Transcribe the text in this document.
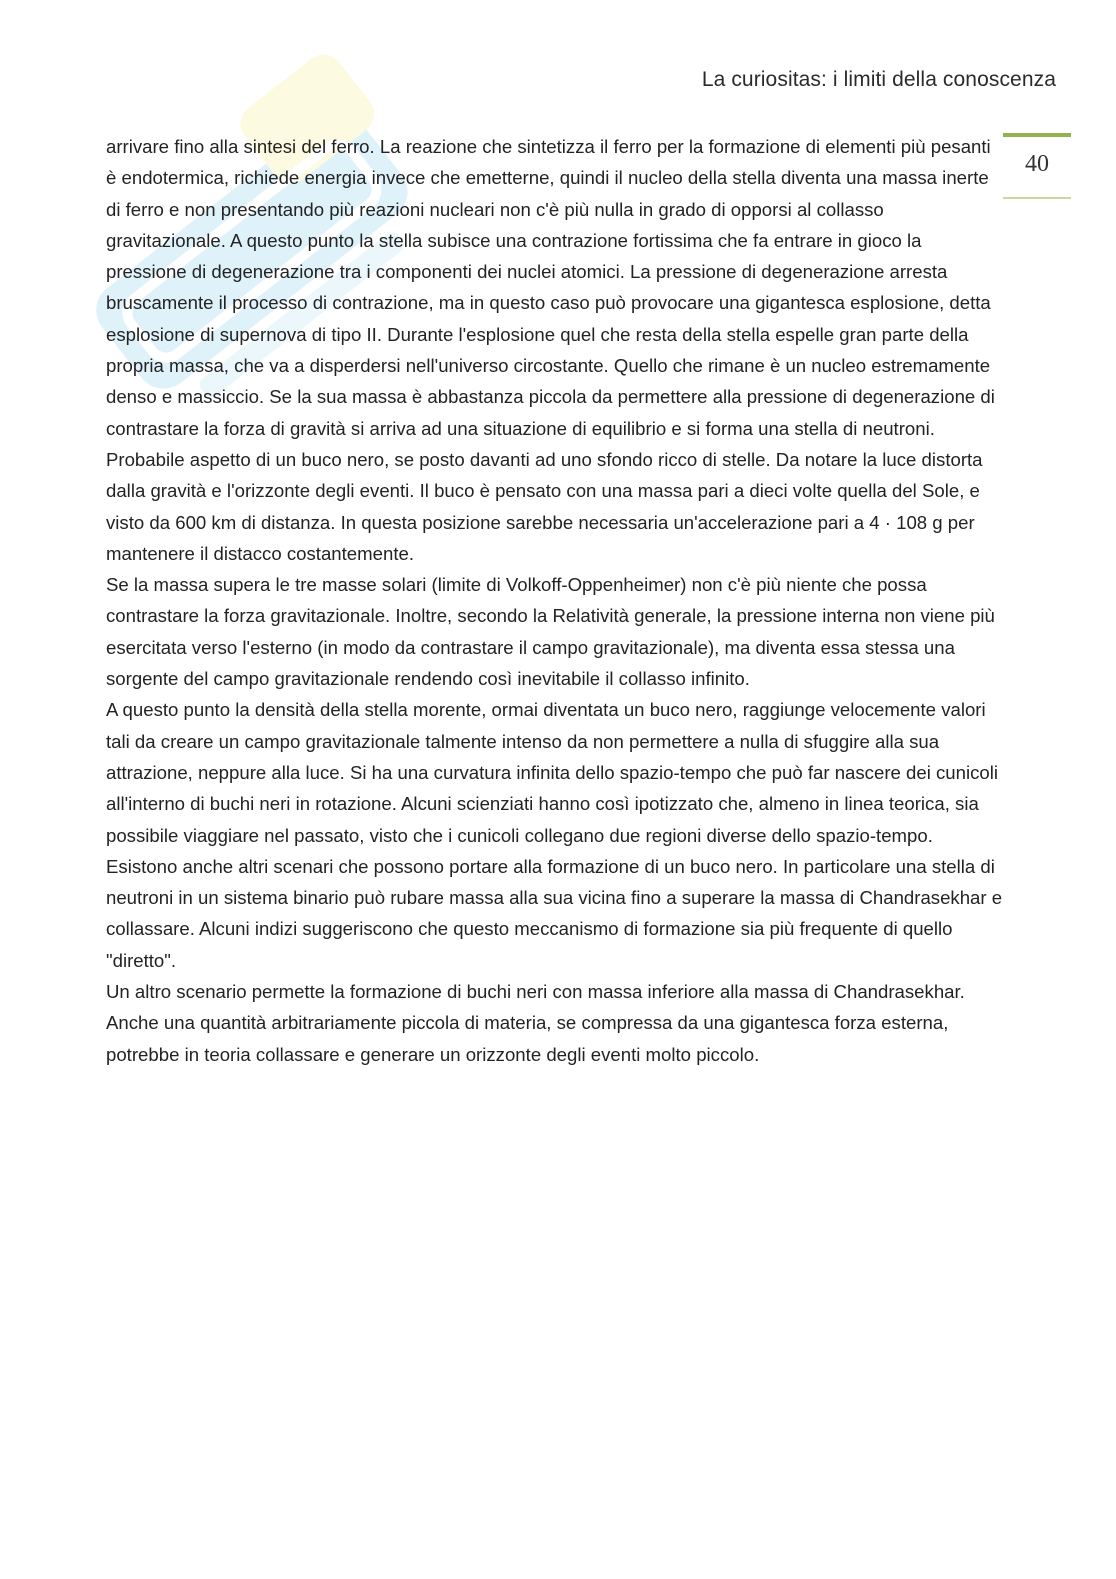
La curiositas: i limiti della conoscenza
40

arrivare fino alla sintesi del ferro. La reazione che sintetizza il ferro per la formazione di elementi più pesanti è endotermica, richiede energia invece che emetterne, quindi il nucleo della stella diventa una massa inerte di ferro e non presentando più reazioni nucleari non c'è più nulla in grado di opporsi al collasso gravitazionale. A questo punto la stella subisce una contrazione fortissima che fa entrare in gioco la pressione di degenerazione tra i componenti dei nuclei atomici. La pressione di degenerazione arresta bruscamente il processo di contrazione, ma in questo caso può provocare una gigantesca esplosione, detta esplosione di supernova di tipo II. Durante l'esplosione quel che resta della stella espelle gran parte della propria massa, che va a disperdersi nell'universo circostante. Quello che rimane è un nucleo estremamente denso e massiccio. Se la sua massa è abbastanza piccola da permettere alla pressione di degenerazione di contrastare la forza di gravità si arriva ad una situazione di equilibrio e si forma una stella di neutroni.

Probabile aspetto di un buco nero, se posto davanti ad uno sfondo ricco di stelle. Da notare la luce distorta dalla gravità e l'orizzonte degli eventi. Il buco è pensato con una massa pari a dieci volte quella del Sole, e visto da 600 km di distanza. In questa posizione sarebbe necessaria un'accelerazione pari a 4 · 108 g per mantenere il distacco costantemente.

Se la massa supera le tre masse solari (limite di Volkoff-Oppenheimer) non c'è più niente che possa contrastare la forza gravitazionale. Inoltre, secondo la Relatività generale, la pressione interna non viene più esercitata verso l'esterno (in modo da contrastare il campo gravitazionale), ma diventa essa stessa una sorgente del campo gravitazionale rendendo così inevitabile il collasso infinito.

A questo punto la densità della stella morente, ormai diventata un buco nero, raggiunge velocemente valori tali da creare un campo gravitazionale talmente intenso da non permettere a nulla di sfuggire alla sua attrazione, neppure alla luce. Si ha una curvatura infinita dello spazio-tempo che può far nascere dei cunicoli all'interno di buchi neri in rotazione. Alcuni scienziati hanno così ipotizzato che, almeno in linea teorica, sia possibile viaggiare nel passato, visto che i cunicoli collegano due regioni diverse dello spazio-tempo.

Esistono anche altri scenari che possono portare alla formazione di un buco nero. In particolare una stella di neutroni in un sistema binario può rubare massa alla sua vicina fino a superare la massa di Chandrasekhar e collassare. Alcuni indizi suggeriscono che questo meccanismo di formazione sia più frequente di quello "diretto".

Un altro scenario permette la formazione di buchi neri con massa inferiore alla massa di Chandrasekhar. Anche una quantità arbitrariamente piccola di materia, se compressa da una gigantesca forza esterna, potrebbe in teoria collassare e generare un orizzonte degli eventi molto piccolo.
